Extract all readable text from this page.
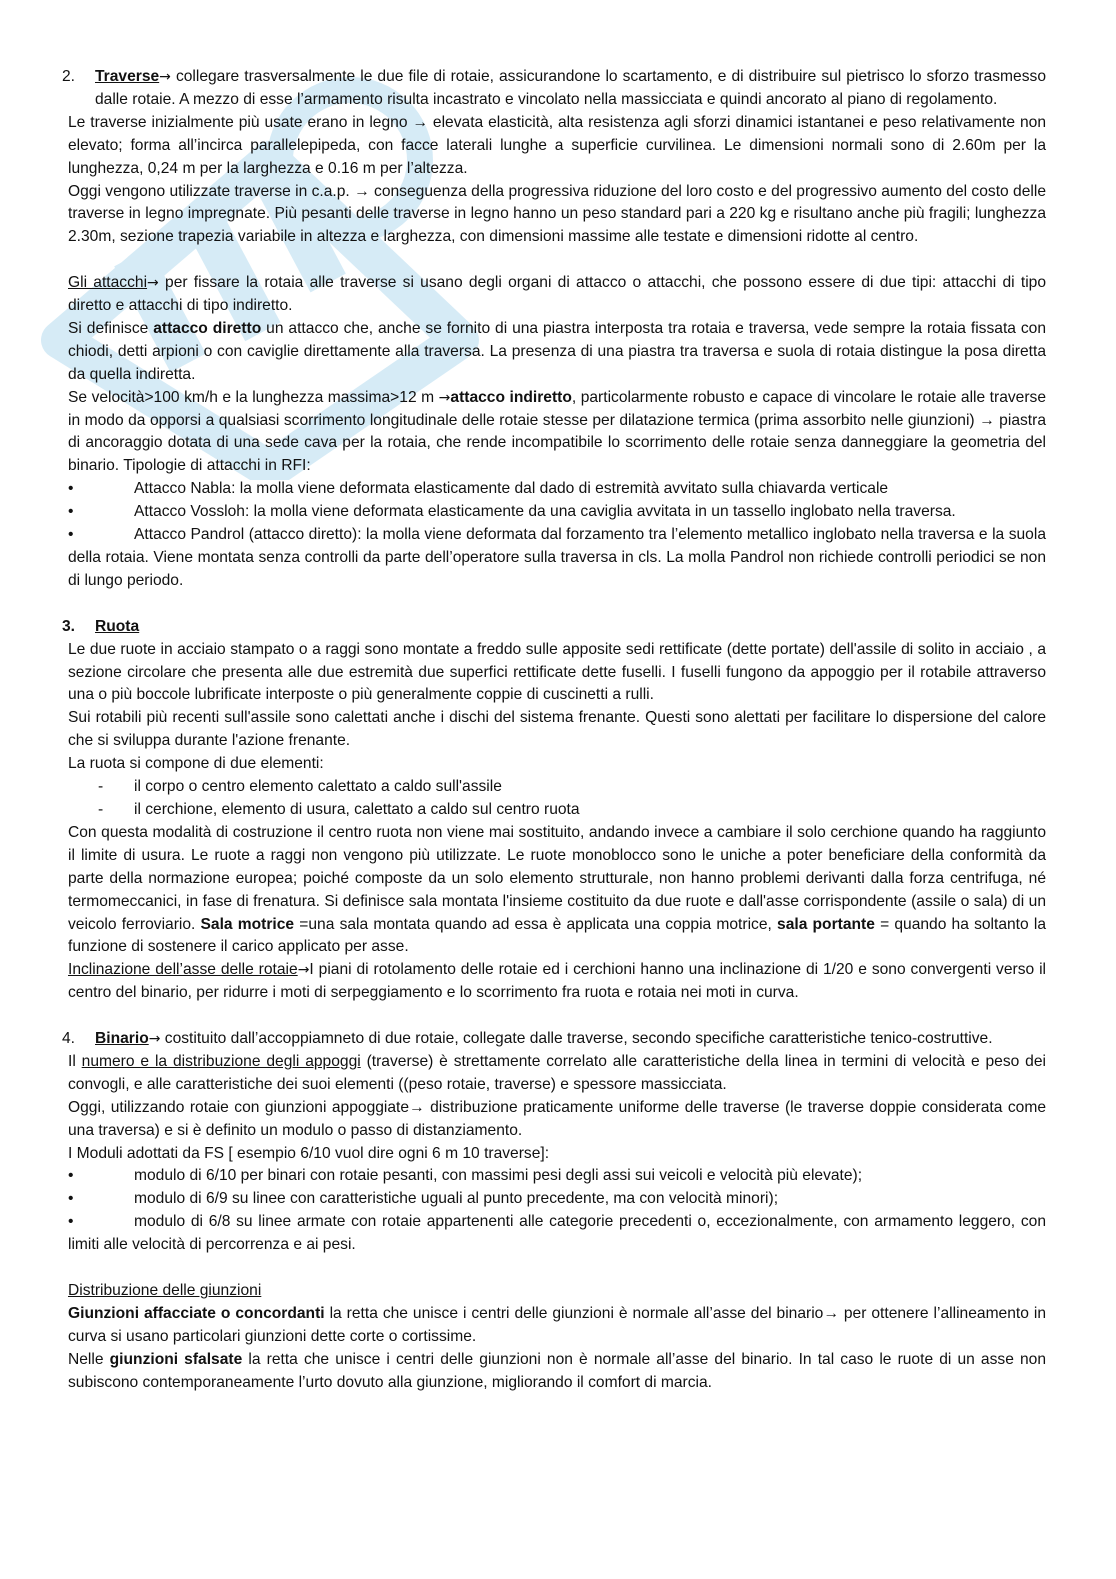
2.	Traverse→ collegare trasversalmente le due file di rotaie, assicurandone lo scartamento, e di distribuire sul pietrisco lo sforzo trasmesso dalle rotaie. A mezzo di esse l’armamento risulta incastrato e vincolato nella massicciata e quindi ancorato al piano di regolamento.

Le traverse inizialmente più usate erano in legno → elevata elasticità, alta resistenza agli sforzi dinamici istantanei e peso relativamente non elevato; forma all’incirca parallelepipeda, con facce laterali lunghe a superficie curvilinea. Le dimensioni normali sono di 2.60m per la lunghezza, 0,24 m per la larghezza e 0.16 m per l’altezza.

Oggi vengono utilizzate traverse in c.a.p. → conseguenza della progressiva riduzione del loro costo e del progressivo aumento del costo delle traverse in legno impregnate. Più pesanti delle traverse in legno hanno un peso standard pari a 220 kg e risultano anche più fragili; lunghezza 2.30m, sezione trapezia variabile in altezza e larghezza, con dimensioni massime alle testate e dimensioni ridotte al centro.

Gli attacchi→ per fissare la rotaia alle traverse si usano degli organi di attacco o attacchi, che possono essere di due tipi: attacchi di tipo diretto e attacchi di tipo indiretto.

Si definisce attacco diretto un attacco che, anche se fornito di una piastra interposta tra rotaia e traversa, vede sempre la rotaia fissata con chiodi, detti arpioni o con caviglie direttamente alla traversa. La presenza di una piastra tra traversa e suola di rotaia distingue la posa diretta da quella indiretta.

Se velocità>100 km/h e la lunghezza massima>12 m →attacco indiretto, particolarmente robusto e capace di vincolare le rotaie alle traverse in modo da opporsi a qualsiasi scorrimento longitudinale delle rotaie stesse per dilatazione termica (prima assorbito nelle giunzioni) → piastra di ancoraggio dotata di una sede cava per la rotaia, che rende incompatibile lo scorrimento delle rotaie senza danneggiare la geometria del binario. Tipologie di attacchi in RFI:

•	Attacco Nabla: la molla viene deformata elasticamente dal dado di estremità avvitato sulla chiavarda verticale

•	Attacco Vossloh: la molla viene deformata elasticamente da una caviglia avvitata in un tassello inglobato nella traversa.

•	Attacco Pandrol (attacco diretto): la molla viene deformata dal forzamento tra l’elemento metallico inglobato nella traversa e la suola della rotaia. Viene montata senza controlli da parte dell’operatore sulla traversa in cls. La molla Pandrol non richiede controlli periodici se non di lungo periodo.

3.	Ruota

Le due ruote in acciaio stampato o a raggi sono montate a freddo sulle apposite sedi rettificate (dette portate) dell'assile di solito in acciaio , a sezione circolare che presenta alle due estremità due superfici rettificate dette fuselli. I fuselli fungono da appoggio per il rotabile attraverso una o più boccole lubrificate interposte o più generalmente coppie di cuscinetti a rulli.

Sui rotabili più recenti sull'assile sono calettati anche i dischi del sistema frenante. Questi sono alettati per facilitare lo dispersione del calore che si sviluppa durante l'azione frenante.

La ruota si compone di due elementi:

-	il corpo o centro elemento calettato a caldo sull'assile
-	il cerchione, elemento di usura, calettato a caldo sul centro ruota

Con questa modalità di costruzione il centro ruota non viene mai sostituito, andando invece a cambiare il solo cerchione quando ha raggiunto il limite di usura. Le ruote a raggi non vengono più utilizzate. Le ruote monoblocco sono le uniche a poter beneficiare della conformità da parte della normazione europea; poiché composte da un solo elemento strutturale, non hanno problemi derivanti dalla forza centrifuga, né termomeccanici, in fase di frenatura. Si definisce sala montata l'insieme costituito da due ruote e dall'asse corrispondente (assile o sala) di un veicolo ferroviario. Sala motrice =una sala montata quando ad essa è applicata una coppia motrice, sala portante = quando ha soltanto la funzione di sostenere il carico applicato per asse.

Inclinazione dell’asse delle rotaie→I piani di rotolamento delle rotaie ed i cerchioni hanno una inclinazione di 1/20 e sono convergenti verso il centro del binario, per ridurre i moti di serpeggiamento e lo scorrimento fra ruota e rotaia nei moti in curva.

4.	Binario→ costituito dall’accoppiamneto di due rotaie, collegate dalle traverse, secondo specifiche caratteristiche tenico-costruttive.

Il numero e la distribuzione degli appoggi (traverse) è strettamente correlato alle caratteristiche della linea in termini di velocità e peso dei convogli, e alle caratteristiche dei suoi elementi ((peso rotaie, traverse) e spessore massicciata.

Oggi, utilizzando rotaie con giunzioni appoggiate→ distribuzione praticamente uniforme delle traverse (le traverse doppie considerata come una traversa) e si è definito un modulo o passo di distanziamento.

I Moduli adottati da FS [ esempio 6/10 vuol dire ogni 6 m 10 traverse]:

•	modulo di 6/10 per binari con rotaie pesanti, con massimi pesi degli assi sui veicoli e velocità più elevate);

•	modulo di 6/9 su linee con caratteristiche uguali al punto precedente, ma con velocità minori);

•	modulo di 6/8 su linee armate con rotaie appartenenti alle categorie precedenti o, eccezionalmente, con armamento leggero, con limiti alle velocità di percorrenza e ai pesi.

Distribuzione delle giunzioni

Giunzioni affacciate o concordanti la retta che unisce i centri delle giunzioni è normale all’asse del binario→ per ottenere l’allineamento in curva si usano particolari giunzioni dette corte o cortissime.

Nelle giunzioni sfalsate la retta che unisce i centri delle giunzioni non è normale all’asse del binario. In tal caso le ruote di un asse non subiscono contemporaneamente l’urto dovuto alla giunzione, migliorando il comfort di marcia.
